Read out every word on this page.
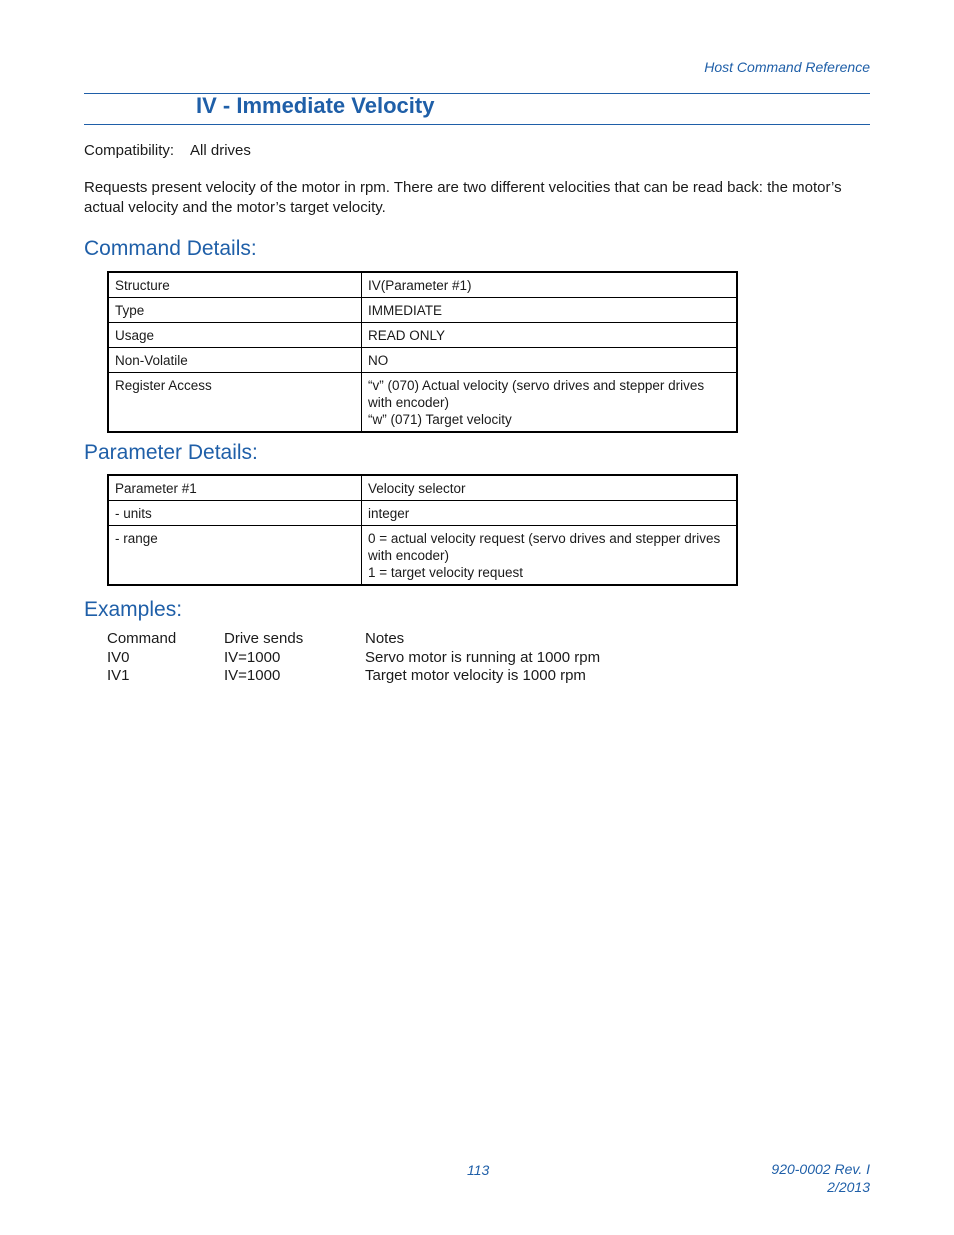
Host Command Reference
IV - Immediate Velocity
Compatibility: All drives
Requests present velocity of the motor in rpm. There are two different velocities that can be read back: the motor’s actual velocity and the motor’s target velocity.
Command Details:
Structure	IV(Parameter #1)
Type	IMMEDIATE
Usage	READ ONLY
Non-Volatile	NO
Register Access	“v” (070) Actual velocity (servo drives and stepper drives with encoder)
“w” (071) Target velocity
Parameter Details:
Parameter #1	Velocity selector
- units	integer
- range	0 = actual velocity request (servo drives and stepper drives with encoder)
1 = target velocity request
Examples:
Command	Drive sends	Notes
IV0	IV=1000	Servo motor is running at 1000 rpm
IV1	IV=1000	Target motor velocity is 1000 rpm
113	920-0002 Rev. I
2/2013
